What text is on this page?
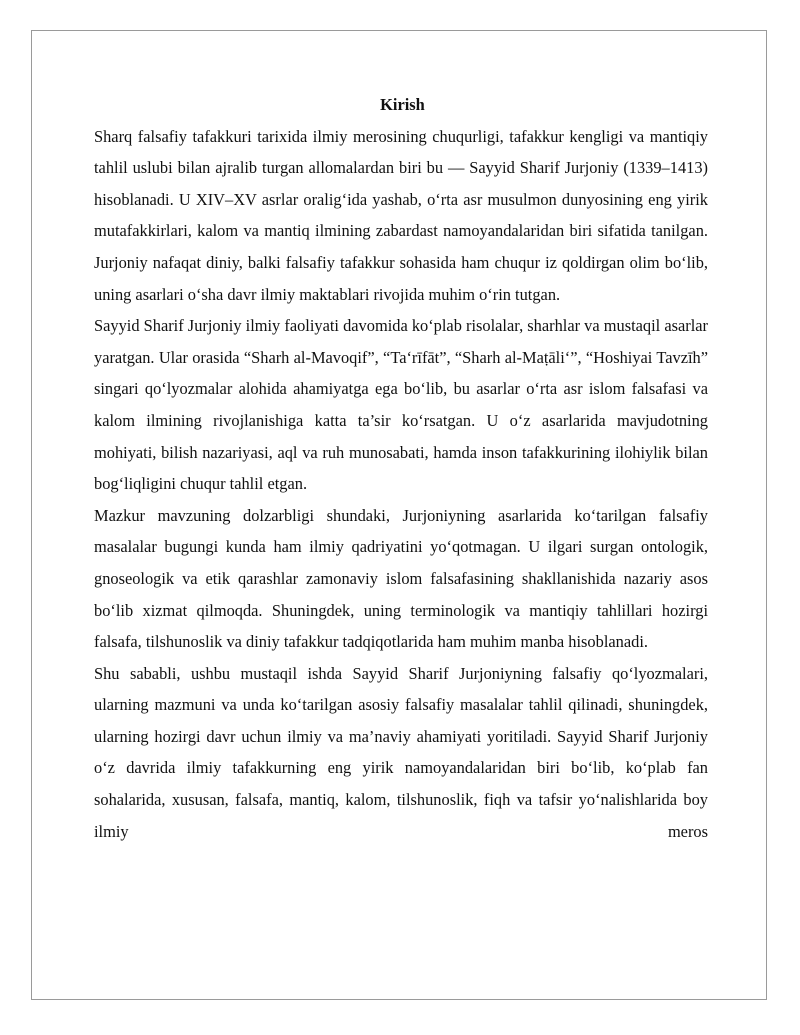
Kirish

Sharq falsafiy tafakkuri tarixida ilmiy merosining chuqurligi, tafakkur kengligi va mantiqiy tahlil uslubi bilan ajralib turgan allomalardan biri bu — Sayyid Sharif Jurjoniy (1339–1413) hisoblanadi. U XIV–XV asrlar oralig‘ida yashab, o‘rta asr musulmon dunyosining eng yirik mutafakkirlari, kalom va mantiq ilmining zabardast namoyandalaridan biri sifatida tanilgan. Jurjoniy nafaqat diniy, balki falsafiy tafakkur sohasida ham chuqur iz qoldirgan olim bo‘lib, uning asarlari o‘sha davr ilmiy maktablari rivojida muhim o‘rin tutgan.

Sayyid Sharif Jurjoniy ilmiy faoliyati davomida ko‘plab risolalar, sharhlar va mustaqil asarlar yaratgan. Ular orasida “Sharh al-Mavoqif”, “Ta‘rīfāt”, “Sharh al-Maṭāli‘”, “Hoshiyai Tavzīh” singari qo‘lyozmalar alohida ahamiyatga ega bo‘lib, bu asarlar o‘rta asr islom falsafasi va kalom ilmining rivojlanishiga katta ta’sir ko‘rsatgan. U o‘z asarlarida mavjudotning mohiyati, bilish nazariyasi, aql va ruh munosabati, hamda inson tafakkurining ilohiylik bilan bog‘liqligini chuqur tahlil etgan.

Mazkur mavzuning dolzarbligi shundaki, Jurjoniyning asarlarida ko‘tarilgan falsafiy masalalar bugungi kunda ham ilmiy qadriyatini yo‘qotmagan. U ilgari surgan ontologik, gnoseologik va etik qarashlar zamonaviy islom falsafasining shakllanishida nazariy asos bo‘lib xizmat qilmoqda. Shuningdek, uning terminologik va mantiqiy tahlillari hozirgi falsafa, tilshunoslik va diniy tafakkur tadqiqotlarida ham muhim manba hisoblanadi.

Shu sababli, ushbu mustaqil ishda Sayyid Sharif Jurjoniyning falsafiy qo‘lyozmalari, ularning mazmuni va unda ko‘tarilgan asosiy falsafiy masalalar tahlil qilinadi, shuningdek, ularning hozirgi davr uchun ilmiy va ma’naviy ahamiyati yoritiladi. Sayyid Sharif Jurjoniy o‘z davrida ilmiy tafakkurning eng yirik namoyandalaridan biri bo‘lib, ko‘plab fan sohalarida, xususan, falsafa, mantiq, kalom, tilshunoslik, fiqh va tafsir yo‘nalishlarida boy ilmiy meros
